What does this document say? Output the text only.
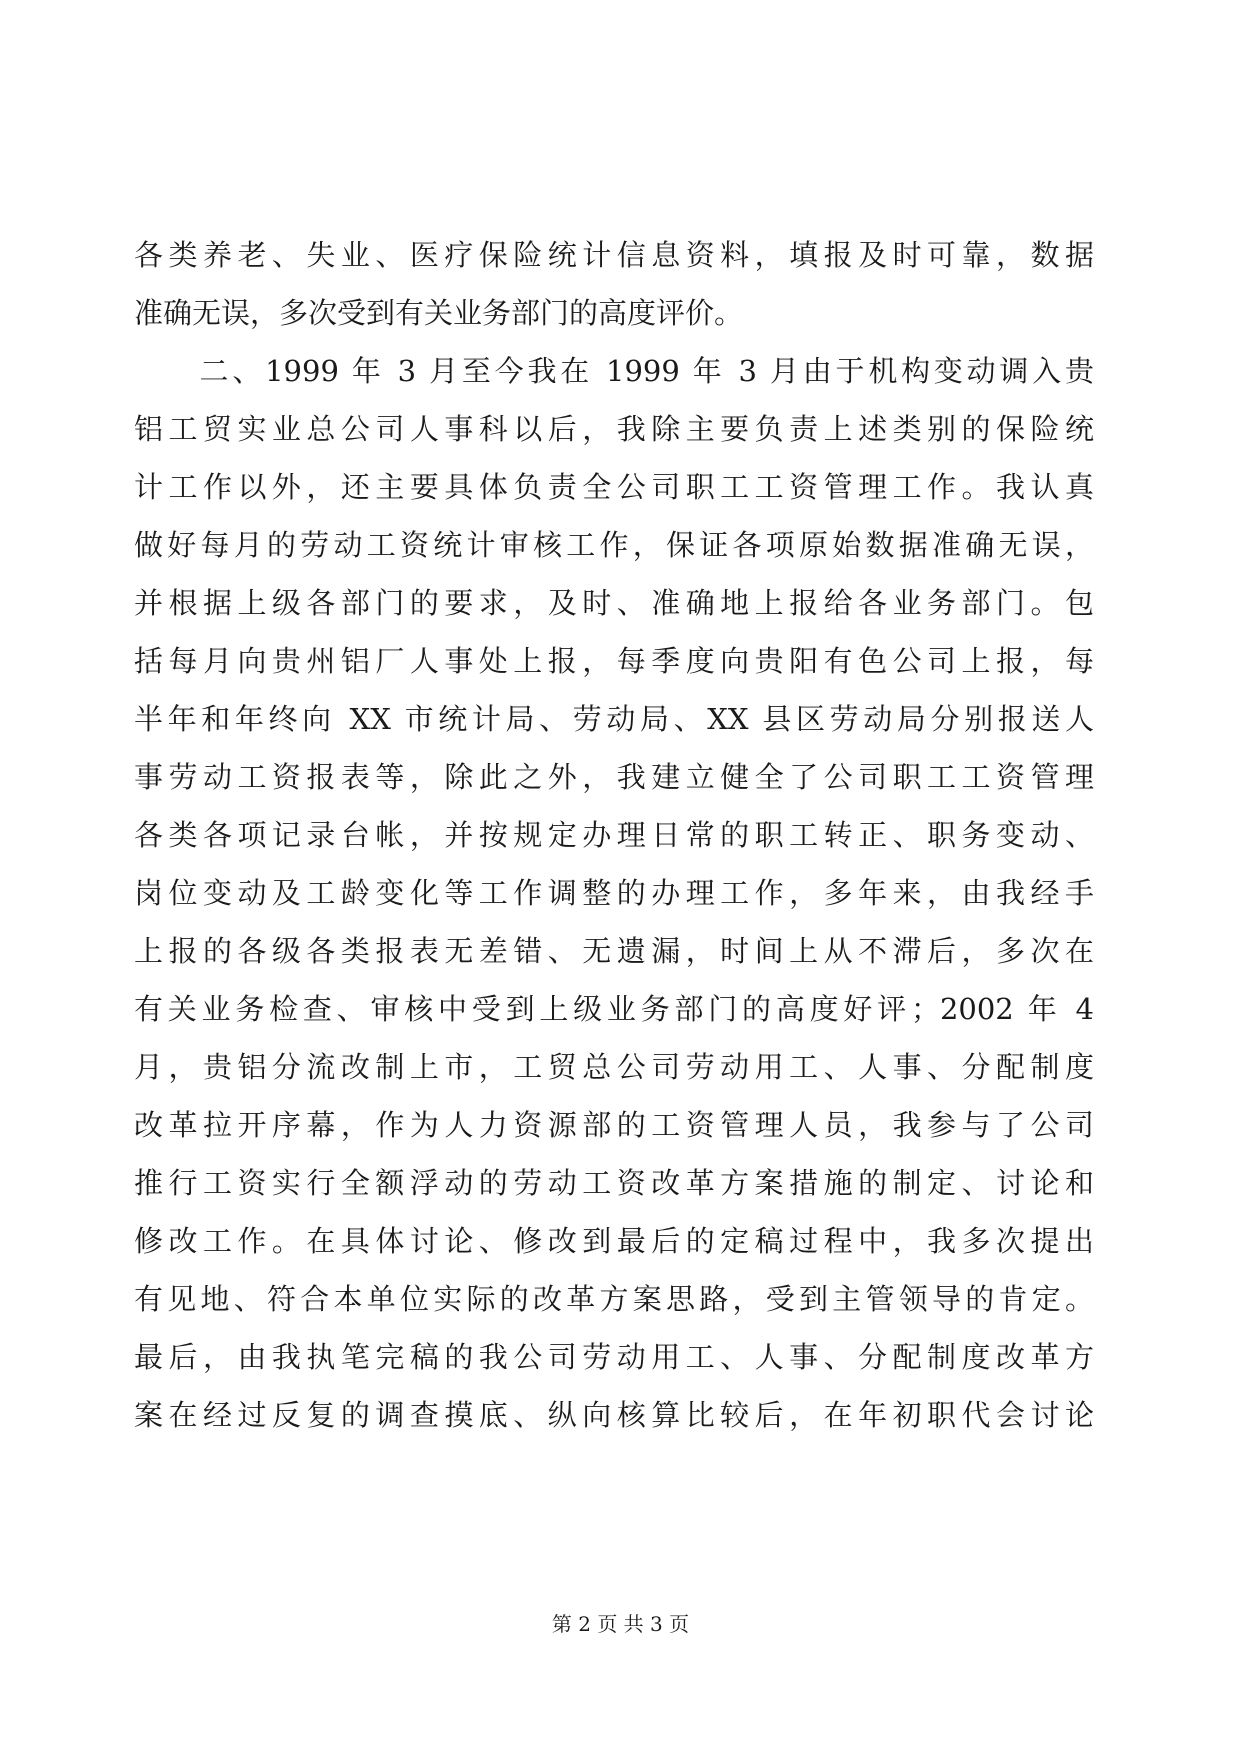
各类养老、失业、医疗保险统计信息资料，填报及时可靠，数据
准确无误，多次受到有关业务部门的高度评价。
　　二、1999 年 3 月至今我在 1999 年 3 月由于机构变动调入贵
铝工贸实业总公司人事科以后，我除主要负责上述类别的保险统
计工作以外，还主要具体负责全公司职工工资管理工作。我认真
做好每月的劳动工资统计审核工作，保证各项原始数据准确无误，
并根据上级各部门的要求，及时、准确地上报给各业务部门。包
括每月向贵州铝厂人事处上报，每季度向贵阳有色公司上报，每
半年和年终向 XX 市统计局、劳动局、XX 县区劳动局分别报送人
事劳动工资报表等，除此之外，我建立健全了公司职工工资管理
各类各项记录台帐，并按规定办理日常的职工转正、职务变动、
岗位变动及工龄变化等工作调整的办理工作，多年来，由我经手
上报的各级各类报表无差错、无遗漏，时间上从不滞后，多次在
有关业务检查、审核中受到上级业务部门的高度好评；2002 年 4
月，贵铝分流改制上市，工贸总公司劳动用工、人事、分配制度
改革拉开序幕，作为人力资源部的工资管理人员，我参与了公司
推行工资实行全额浮动的劳动工资改革方案措施的制定、讨论和
修改工作。在具体讨论、修改到最后的定稿过程中，我多次提出
有见地、符合本单位实际的改革方案思路，受到主管领导的肯定。
最后，由我执笔完稿的我公司劳动用工、人事、分配制度改革方
案在经过反复的调查摸底、纵向核算比较后，在年初职代会讨论
第 2 页 共 3 页
